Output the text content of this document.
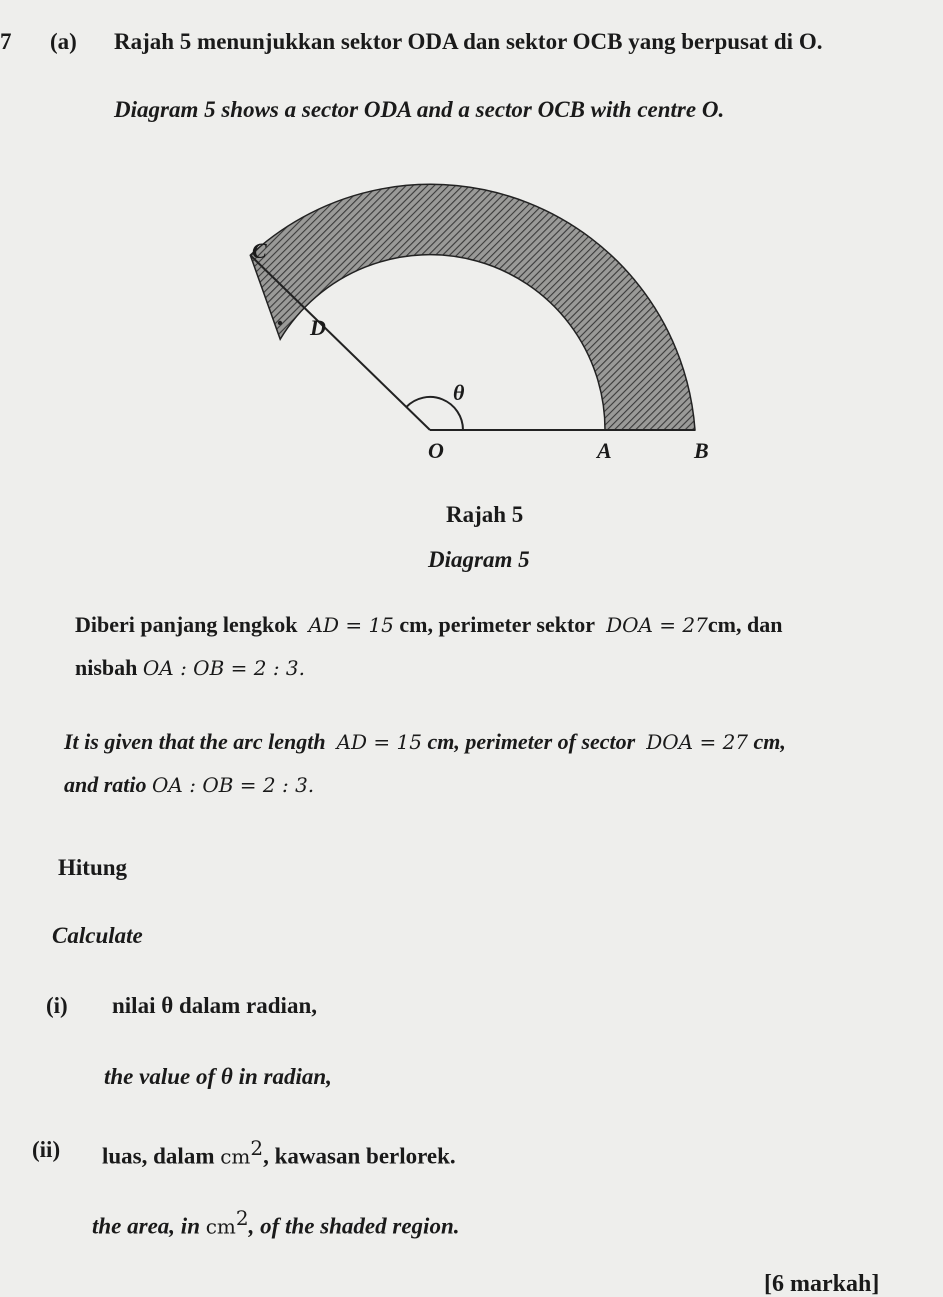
7 (a) Rajah 5 menunjukkan sektor ODA dan sektor OCB yang berpusat di O.
Diagram 5 shows a sector ODA and a sector OCB with centre O.
C
D
θ
O	A	B
Rajah 5
Diagram 5
Diberi panjang lengkok AD = 15 cm, perimeter sektor DOA = 27cm, dan
nisbah OA : OB = 2 : 3.
It is given that the arc length AD = 15 cm, perimeter of sector DOA = 27 cm,
and ratio OA : OB = 2 : 3.
Hitung
Calculate
(i) nilai θ dalam radian,
the value of θ in radian,
(ii) luas, dalam $cm^2$, kawasan berlorek.
the area, in $cm^2$, of the shaded region.
[6 markah]
